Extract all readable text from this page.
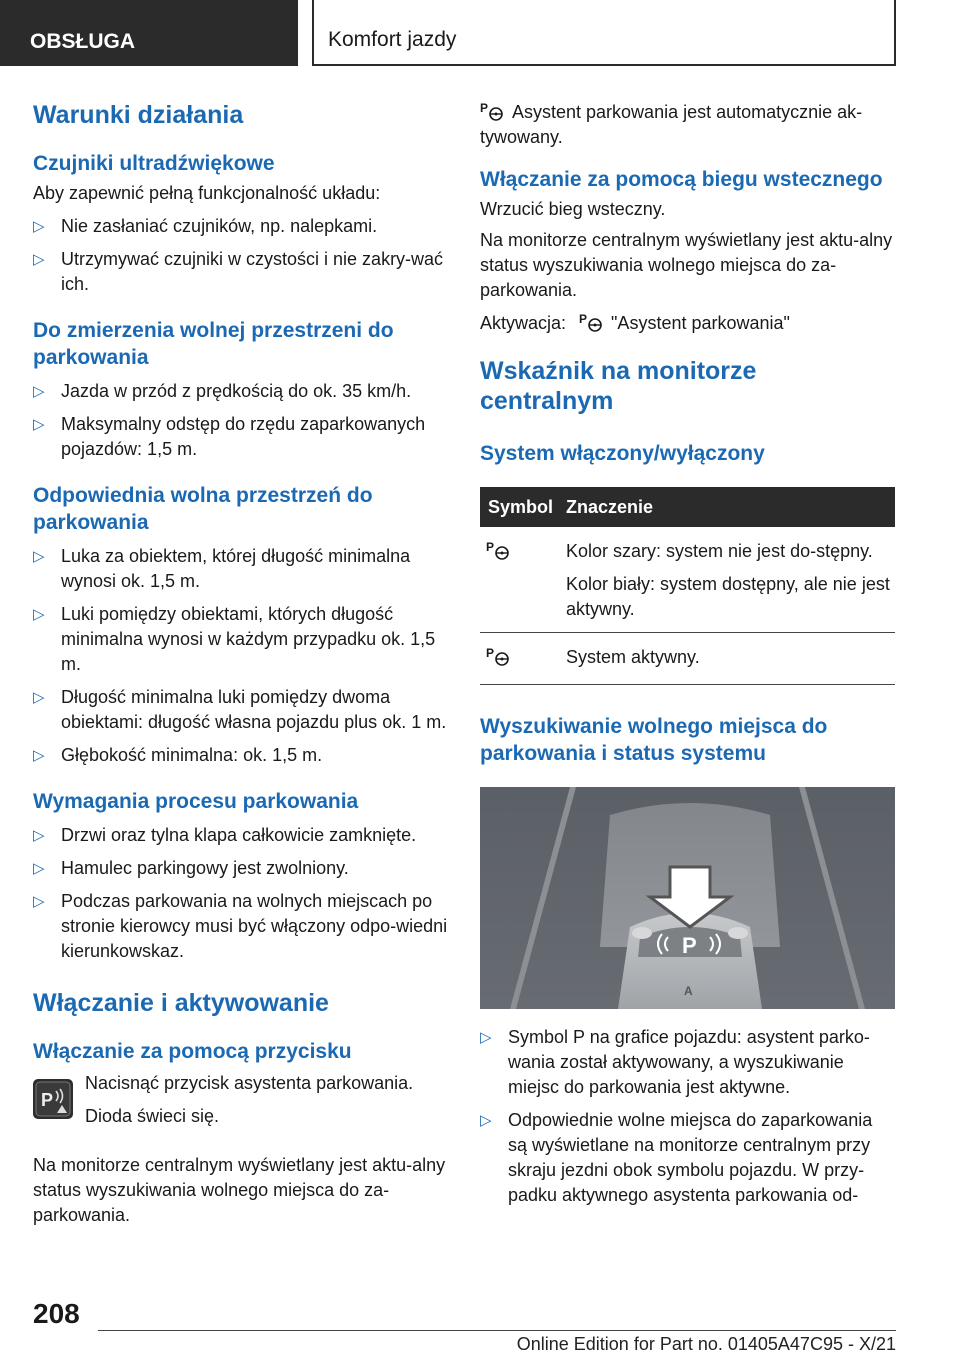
OBSŁUGA	Komfort jazdy
Warunki działania
Czujniki ultradźwiękowe

Aby zapewnić pełną funkcjonalność układu:

▷ Nie zasłaniać czujników, np. nalepkami.
▷ Utrzymywać czujniki w czystości i nie zakry-wać ich.
Do zmierzenia wolnej przestrzeni do parkowania
▷ Jazda w przód z prędkością do ok. 35 km/h.
▷ Maksymalny odstęp do rzędu zaparkowanych pojazdów: 1,5 m.
Odpowiednia wolna przestrzeń do parkowania
▷ Luka za obiektem, której długość minimalna wynosi ok. 1,5 m.
▷ Luki pomiędzy obiektami, których długość minimalna wynosi w każdym przypadku ok. 1,5 m.
▷ Długość minimalna luki pomiędzy dwoma obiektami: długość własna pojazdu plus ok. 1 m.
▷ Głębokość minimalna: ok. 1,5 m.
Wymagania procesu parkowania
▷ Drzwi oraz tylna klapa całkowicie zamknięte.
▷ Hamulec parkingowy jest zwolniony.
▷ Podczas parkowania na wolnych miejscach po stronie kierowcy musi być włączony odpo-wiedni kierunkowskaz.
Włączanie i aktywowanie
Włączanie za pomocą przycisku
P

Nacisnąć przycisk asystenta parkowania.

Dioda świeci się.

Na monitorze centralnym wyświetlany jest aktu-alny status wyszukiwania wolnego miejsca do za-parkowania.

P Asystent parkowania jest automatycznie ak-tywowany.

Włączanie za pomocą biegu wstecznego

Wrzucić bieg wsteczny.

Na monitorze centralnym wyświetlany jest aktu-alny status wyszukiwania wolnego miejsca do za-parkowania.

Aktywacja: P "Asystent parkowania"

Wskaźnik na monitorze centralnym
System włączony/wyłączony
Symbol	Znaczenie

P	Kolor szary: system nie jest do-stępny.

Kolor biały: system dostępny, ale nie jest aktywny.

P	System aktywny.

Wyszukiwanie wolnego miejsca do parkowania i status systemu
P
A
▷ Symbol P na grafice pojazdu: asystent parko-wania został aktywowany, a wyszukiwanie miejsc do parkowania jest aktywne.
▷ Odpowiednie wolne miejsca do zaparkowania są wyświetlane na monitorze centralnym przy skraju jezdni obok symbolu pojazdu. W przy-padku aktywnego asystenta parkowania od-
208
Online Edition for Part no. 01405A47C95 - X/21
